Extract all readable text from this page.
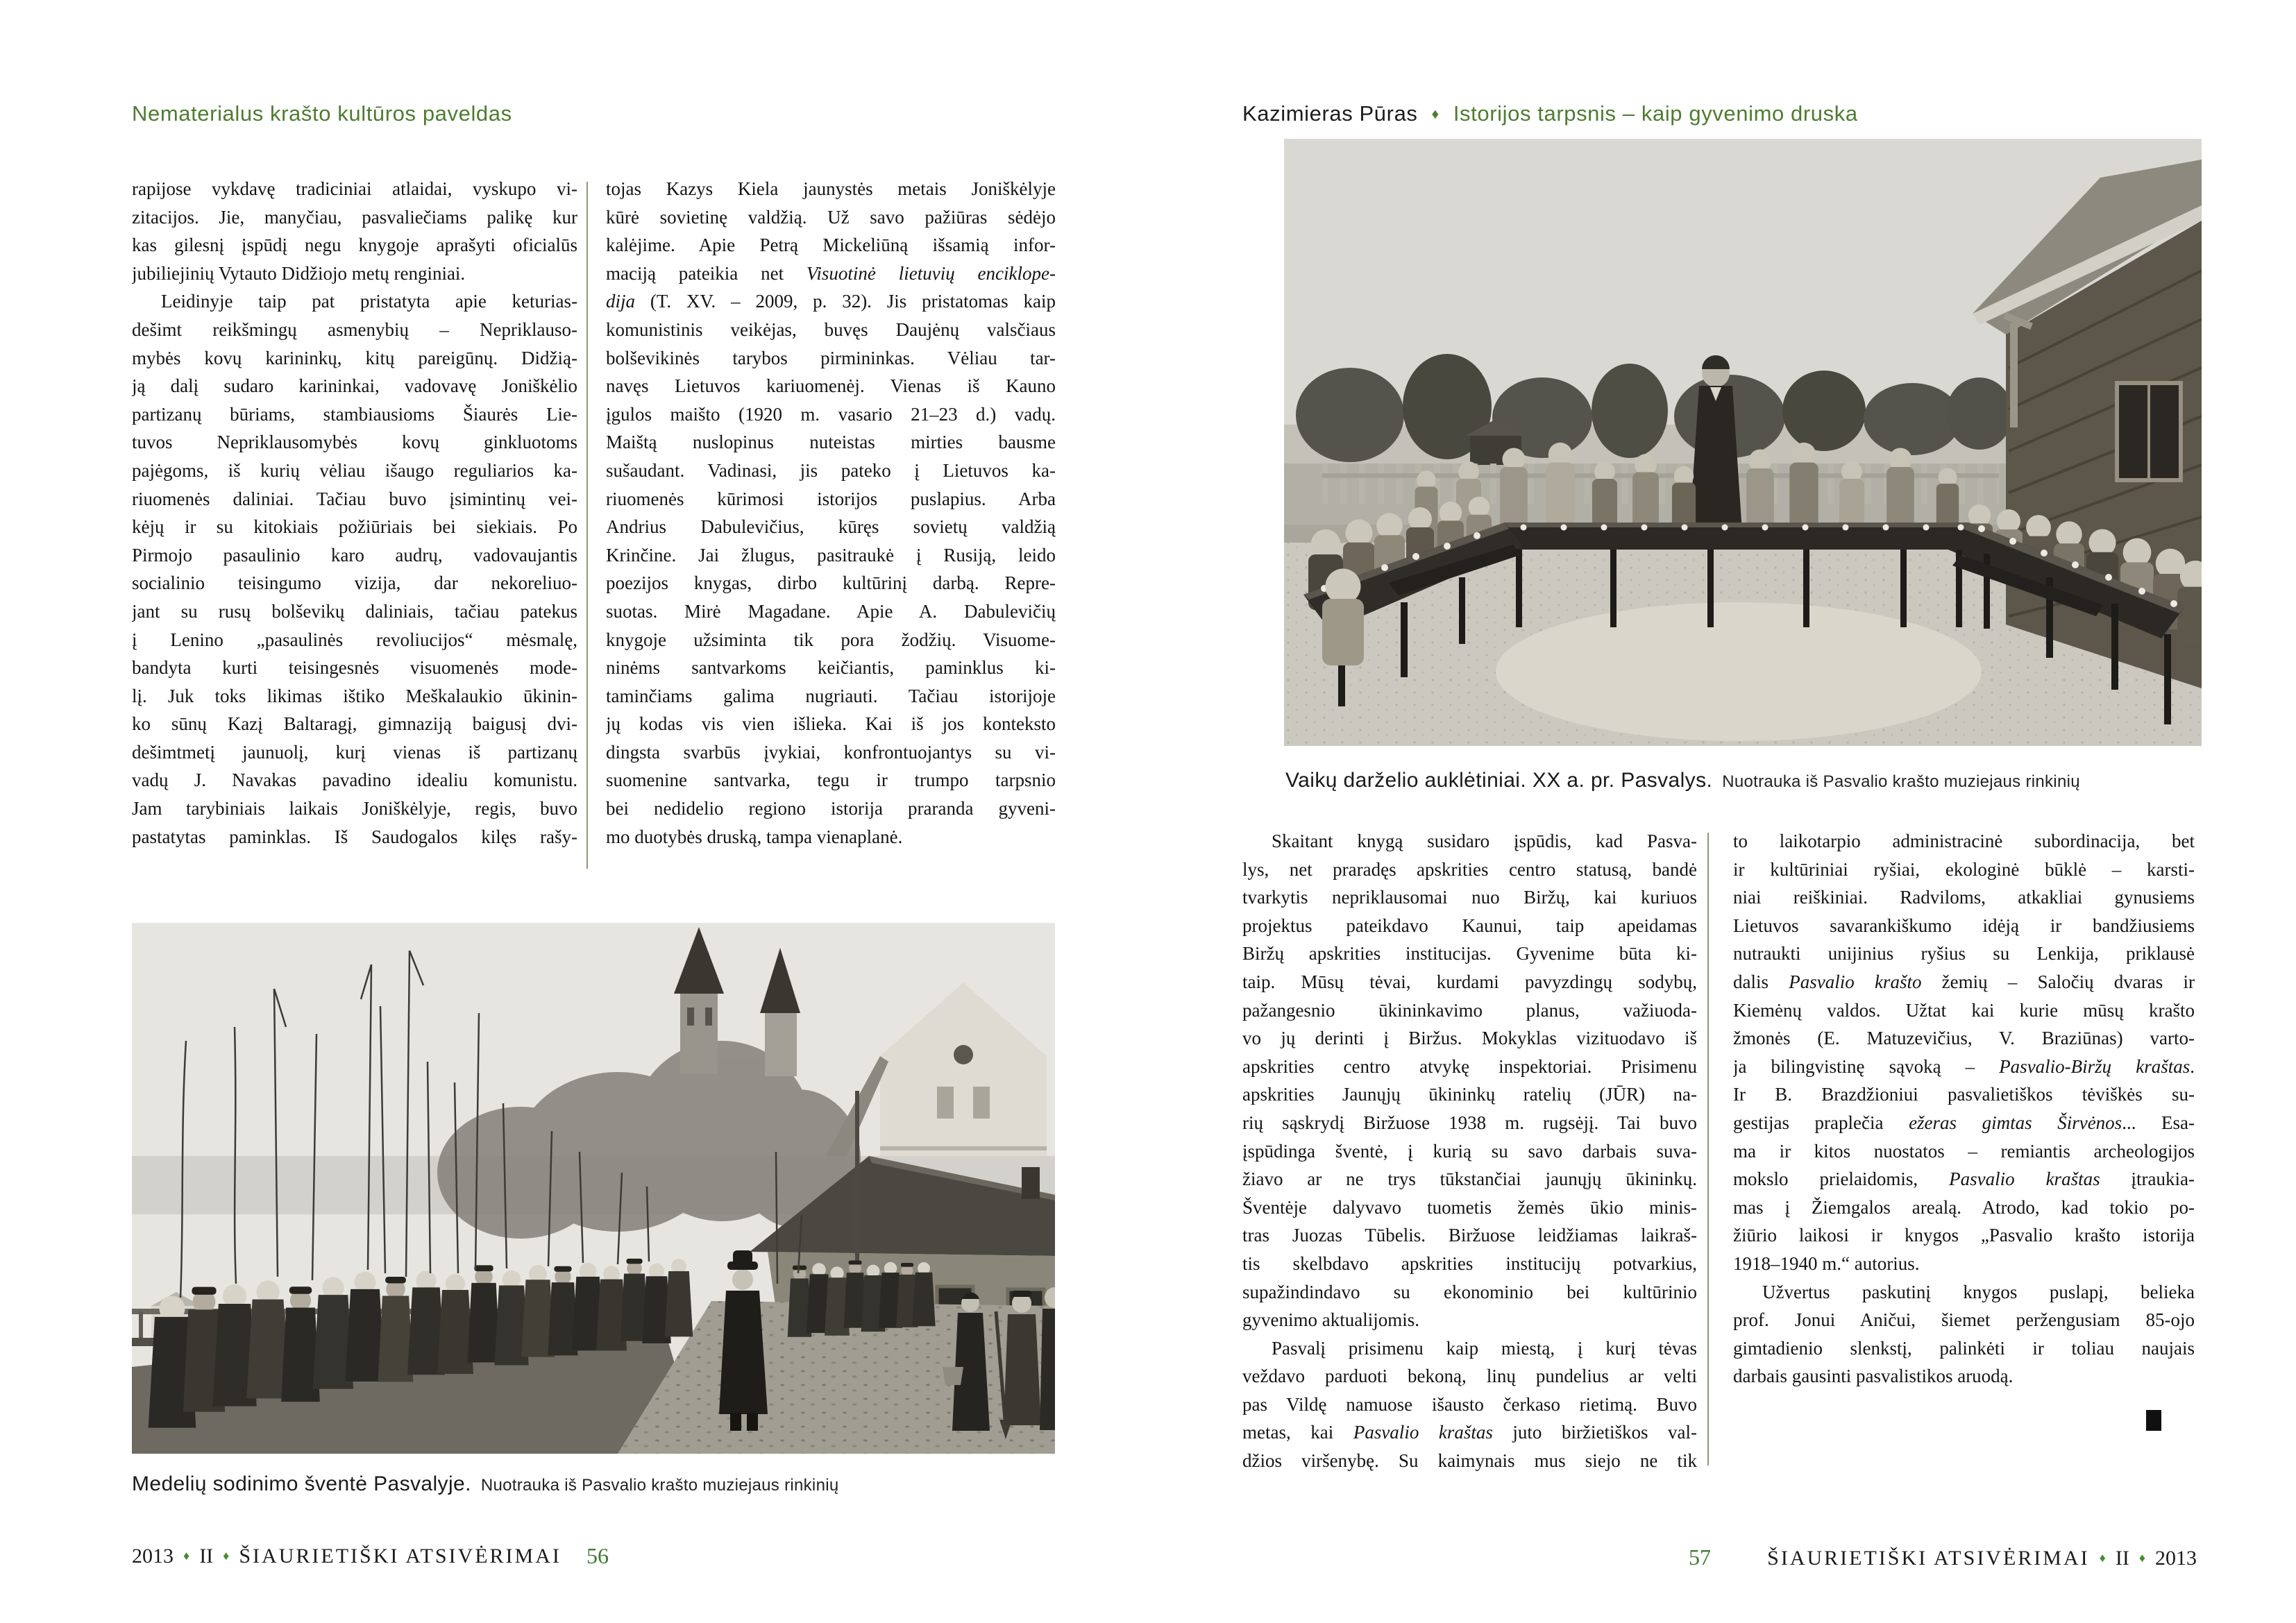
Nematerialus krašto kultūros paveldas
rapijose vykdavę tradiciniai atlaidai, vyskupo vi-
zitacijos. Jie, manyčiau, pasvaliečiams palikę kur
kas gilesnį įspūdį negu knygoje aprašyti oficialūs
jubiliejinių Vytauto Didžiojo metų renginiai.
Leidinyje taip pat pristatyta apie keturias-
dešimt reikšmingų asmenybių – Nepriklauso-
mybės kovų karininkų, kitų pareigūnų. Didžią-
ją dalį sudaro karininkai, vadovavę Joniškėlio
partizanų būriams, stambiausioms Šiaurės Lie-
tuvos Nepriklausomybės kovų ginkluotoms
pajėgoms, iš kurių vėliau išaugo reguliarios ka-
riuomenės daliniai. Tačiau buvo įsimintinų vei-
kėjų ir su kitokiais požiūriais bei siekiais. Po
Pirmojo pasaulinio karo audrų, vadovaujantis
socialinio teisingumo vizija, dar nekoreliuo-
jant su rusų bolševikų daliniais, tačiau patekus
į Lenino „pasaulinės revoliucijos“ mėsmalę,
bandyta kurti teisingesnės visuomenės mode-
lį. Juk toks likimas ištiko Meškalaukio ūkinin-
ko sūnų Kazį Baltaragį, gimnaziją baigusį dvi-
dešimtmetį jaunuolį, kurį vienas iš partizanų
vadų J. Navakas pavadino idealiu komunistu.
Jam tarybiniais laikais Joniškėlyje, regis, buvo
pastatytas paminklas. Iš Saudogalos kilęs rašy-
tojas Kazys Kiela jaunystės metais Joniškėlyje
kūrė sovietinę valdžią. Už savo pažiūras sėdėjo
kalėjime. Apie Petrą Mickeliūną išsamią infor-
maciją pateikia net Visuotinė lietuvių enciklope-
dija (T. XV. – 2009, p. 32). Jis pristatomas kaip
komunistinis veikėjas, buvęs Daujėnų valsčiaus
bolševikinės tarybos pirmininkas. Vėliau tar-
navęs Lietuvos kariuomenėj. Vienas iš Kauno
įgulos maišto (1920 m. vasario 21–23 d.) vadų.
Maištą nuslopinus nuteistas mirties bausme
sušaudant. Vadinasi, jis pateko į Lietuvos ka-
riuomenės kūrimosi istorijos puslapius. Arba
Andrius Dabulevičius, kūręs sovietų valdžią
Krinčine. Jai žlugus, pasitraukė į Rusiją, leido
poezijos knygas, dirbo kultūrinį darbą. Repre-
suotas. Mirė Magadane. Apie A. Dabulevičių
knygoje užsiminta tik pora žodžių. Visuome-
ninėms santvarkoms keičiantis, paminklus ki-
taminčiams galima nugriauti. Tačiau istorijoje
jų kodas vis vien išlieka. Kai iš jos konteksto
dingsta svarbūs įvykiai, konfrontuojantys su vi-
suomenine santvarka, tegu ir trumpo tarpsnio
bei nedidelio regiono istorija praranda gyveni-
mo duotybės druską, tampa vienaplanė.
Medelių sodinimo šventė Pasvalyje. Nuotrauka iš Pasvalio krašto muziejaus rinkinių
2013 ♦ II ♦ ŠIAURIETIŠKI ATSIVĖRIMAI 56
Kazimieras Pūras ♦ Istorijos tarpsnis – kaip gyvenimo druska
Vaikų darželio auklėtiniai. XX a. pr. Pasvalys. Nuotrauka iš Pasvalio krašto muziejaus rinkinių
Skaitant knygą susidaro įspūdis, kad Pasva-
lys, net praradęs apskrities centro statusą, bandė
tvarkytis nepriklausomai nuo Biržų, kai kuriuos
projektus pateikdavo Kaunui, taip apeidamas
Biržų apskrities institucijas. Gyvenime būta ki-
taip. Mūsų tėvai, kurdami pavyzdingų sodybų,
pažangesnio ūkininkavimo planus, važiuoda-
vo jų derinti į Biržus. Mokyklas vizituodavo iš
apskrities centro atvykę inspektoriai. Prisimenu
apskrities Jaunųjų ūkininkų ratelių (JŪR) na-
rių sąskrydį Biržuose 1938 m. rugsėjį. Tai buvo
įspūdinga šventė, į kurią su savo darbais suva-
žiavo ar ne trys tūkstančiai jaunųjų ūkininkų.
Šventėje dalyvavo tuometis žemės ūkio minis-
tras Juozas Tūbelis. Biržuose leidžiamas laikraš-
tis skelbdavo apskrities institucijų potvarkius,
supažindindavo su ekonominio bei kultūrinio
gyvenimo aktualijomis.
Pasvalį prisimenu kaip miestą, į kurį tėvas
veždavo parduoti bekoną, linų pundelius ar velti
pas Vildę namuose išausto čerkaso rietimą. Buvo
metas, kai Pasvalio kraštas juto biržietiškos val-
džios viršenybę. Su kaimynais mus siejo ne tik
to laikotarpio administracinė subordinacija, bet
ir kultūriniai ryšiai, ekologinė būklė – karsti-
niai reiškiniai. Radviloms, atkakliai gynusiems
Lietuvos savarankiškumo idėją ir bandžiusiems
nutraukti unijinius ryšius su Lenkija, priklausė
dalis Pasvalio krašto žemių – Saločių dvaras ir
Kiemėnų valdos. Užtat kai kurie mūsų krašto
žmonės (E. Matuzevičius, V. Braziūnas) varto-
ja bilingvistinę sąvoką – Pasvalio-Biržų kraštas.
Ir B. Brazdžioniui pasvalietiškos tėviškės su-
gestijas praplečia ežeras gimtas Širvėnos... Esa-
ma ir kitos nuostatos – remiantis archeologijos
mokslo prielaidomis, Pasvalio kraštas įtraukia-
mas į Žiemgalos arealą. Atrodo, kad tokio po-
žiūrio laikosi ir knygos „Pasvalio krašto istorija
1918–1940 m.“ autorius.
Užvertus paskutinį knygos puslapį, belieka
prof. Jonui Aničui, šiemet peržengusiam 85-ojo
gimtadienio slenkstį, palinkėti ir toliau naujais
darbais gausinti pasvalistikos aruodą.
57	ŠIAURIETIŠKI ATSIVĖRIMAI ♦ II ♦ 2013
